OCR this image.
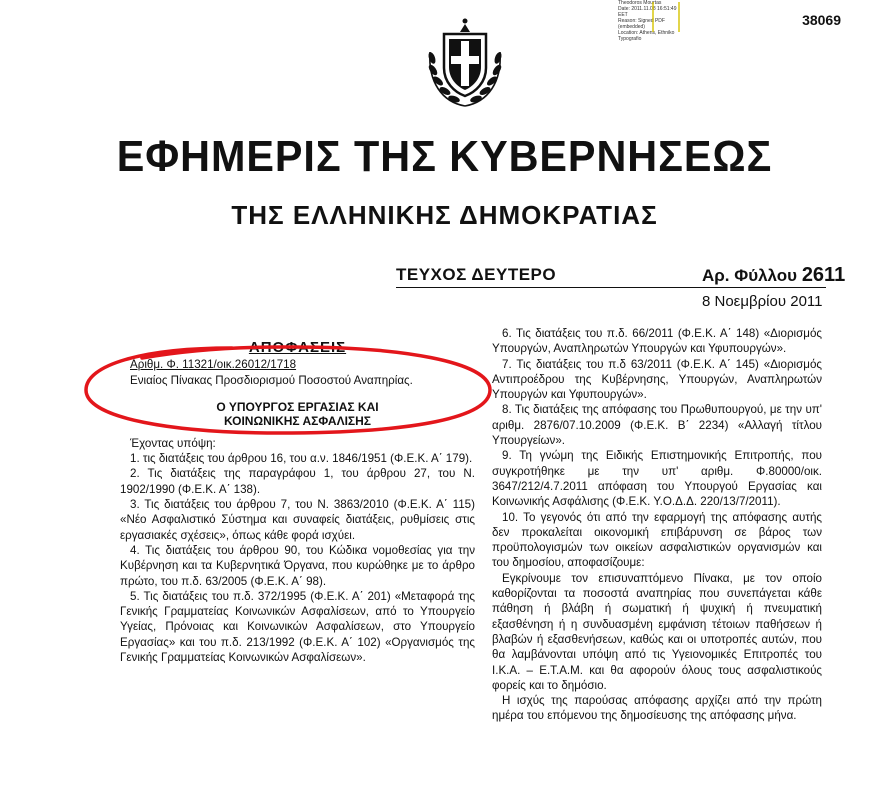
38069
Theodoros Mourtas
Date: 2011.11.08 16:51:49
EET
Reason: Signed PDF
(embedded)
Location: Athens, Ethniko
Typografio
ΕΦΗΜΕΡΙΣ ΤΗΣ ΚΥΒΕΡΝΗΣΕΩΣ
ΤΗΣ ΕΛΛΗΝΙΚΗΣ ΔΗΜΟΚΡΑΤΙΑΣ
ΤΕΥΧΟΣ ΔΕΥΤΕΡΟ	Αρ. Φύλλου 2611
8 Νοεμβρίου 2011
ΑΠΟΦΑΣΕΙΣ

Αριθμ. Φ. 11321/οικ.26012/1718

Ενιαίος Πίνακας Προσδιορισμού Ποσοστού Αναπηρίας.

Ο ΥΠΟΥΡΓΟΣ ΕΡΓΑΣΙΑΣ ΚΑΙ
ΚΟΙΝΩΝΙΚΗΣ ΑΣΦΑΛΙΣΗΣ

Έχοντας υπόψη:

1. τις διατάξεις του άρθρου 16, του α.ν. 1846/1951 (Φ.Ε.Κ. Α΄ 179).

2. Τις διατάξεις της παραγράφου 1, του άρθρου 27, του Ν. 1902/1990 (Φ.Ε.Κ. Α΄ 138).

3. Τις διατάξεις του άρθρου 7, του Ν. 3863/2010 (Φ.Ε.Κ. Α΄ 115) «Νέο Ασφαλιστικό Σύστημα και συναφείς διατάξεις, ρυθμίσεις στις εργασιακές σχέσεις», όπως κάθε φορά ισχύει.

4. Τις διατάξεις του άρθρου 90, του Κώδικα νομοθεσίας για την Κυβέρνηση και τα Κυβερνητικά Όργανα, που κυρώθηκε με το άρθρο πρώτο, του π.δ. 63/2005 (Φ.Ε.Κ. Α΄ 98).

5. Τις διατάξεις του π.δ. 372/1995 (Φ.Ε.Κ. Α΄ 201) «Μεταφορά της Γενικής Γραμματείας Κοινωνικών Ασφαλίσεων, από το Υπουργείο Υγείας, Πρόνοιας και Κοινωνικών Ασφαλίσεων, στο Υπουργείο Εργασίας» και του π.δ. 213/1992 (Φ.Ε.Κ. Α΄ 102) «Οργανισμός της Γενικής Γραμματείας Κοινωνικών Ασφαλίσεων».

6. Τις διατάξεις του π.δ. 66/2011 (Φ.Ε.Κ. Α΄ 148) «Διορισμός Υπουργών, Αναπληρωτών Υπουργών και Υφυπουργών».

7. Τις διατάξεις του π.δ 63/2011 (Φ.Ε.Κ. Α΄ 145) «Διορισμός Αντιπροέδρου της Κυβέρνησης, Υπουργών, Αναπληρωτών Υπουργών και Υφυπουργών».

8. Τις διατάξεις της απόφασης του Πρωθυπουργού, με την υπ' αριθμ. 2876/07.10.2009 (Φ.Ε.Κ. Β΄ 2234) «Αλλαγή τίτλου Υπουργείων».

9. Τη γνώμη της Ειδικής Επιστημονικής Επιτροπής, που συγκροτήθηκε με την υπ' αριθμ. Φ.80000/οικ. 3647/212/4.7.2011 απόφαση του Υπουργού Εργασίας και Κοινωνικής Ασφάλισης (Φ.Ε.Κ. Υ.Ο.Δ.Δ. 220/13/7/2011).

10. Το γεγονός ότι από την εφαρμογή της απόφασης αυτής δεν προκαλείται οικονομική επιβάρυνση σε βάρος των προϋπολογισμών των οικείων ασφαλιστικών οργανισμών και του δημοσίου, αποφασίζουμε:

Εγκρίνουμε τον επισυναπτόμενο Πίνακα, με τον οποίο καθορίζονται τα ποσοστά αναπηρίας που συνεπάγεται κάθε πάθηση ή βλάβη ή σωματική ή ψυχική ή πνευματική εξασθένηση ή η συνδυασμένη εμφάνιση τέτοιων παθήσεων ή βλαβών ή εξασθενήσεων, καθώς και οι υποτροπές αυτών, που θα λαμβάνονται υπόψη από τις Υγειονομικές Επιτροπές του Ι.Κ.Α. – Ε.Τ.Α.Μ. και θα αφορούν όλους τους ασφαλιστικούς φορείς και το δημόσιο.

Η ισχύς της παρούσας απόφασης αρχίζει από την πρώτη ημέρα του επόμενου της δημοσίευσης της απόφασης μήνα.
